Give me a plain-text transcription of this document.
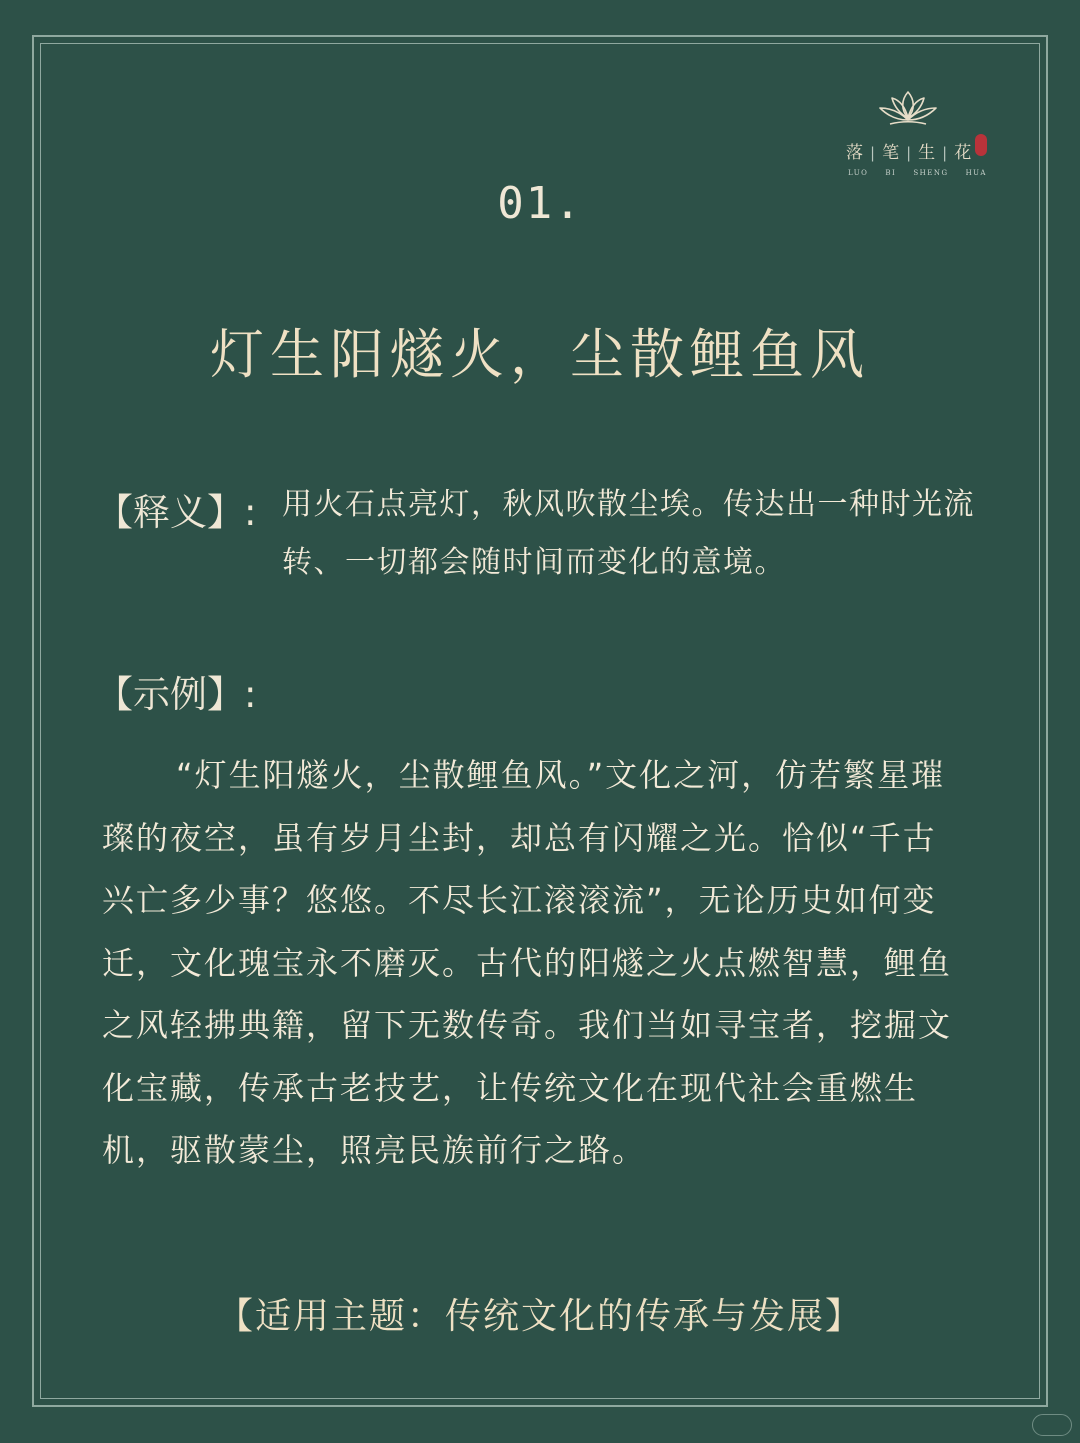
落 | 笔 | 生 | 花
LUO BI SHENG HUA
01.
灯生阳燧火，尘散鲤鱼风
【释义】: 用火石点亮灯，秋风吹散尘埃。传达出一种时光流转、一切都会随时间而变化的意境。
【示例】:
“灯生阳燧火，尘散鲤鱼风。”文化之河，仿若繁星璀璨的夜空，虽有岁月尘封，却总有闪耀之光。恰似“千古兴亡多少事？悠悠。不尽长江滚滚流”，无论历史如何变迁，文化瑰宝永不磨灭。古代的阳燧之火点燃智慧，鲤鱼之风轻拂典籍，留下无数传奇。我们当如寻宝者，挖掘文化宝藏，传承古老技艺，让传统文化在现代社会重燃生机，驱散蒙尘，照亮民族前行之路。
【适用主题：传统文化的传承与发展】
